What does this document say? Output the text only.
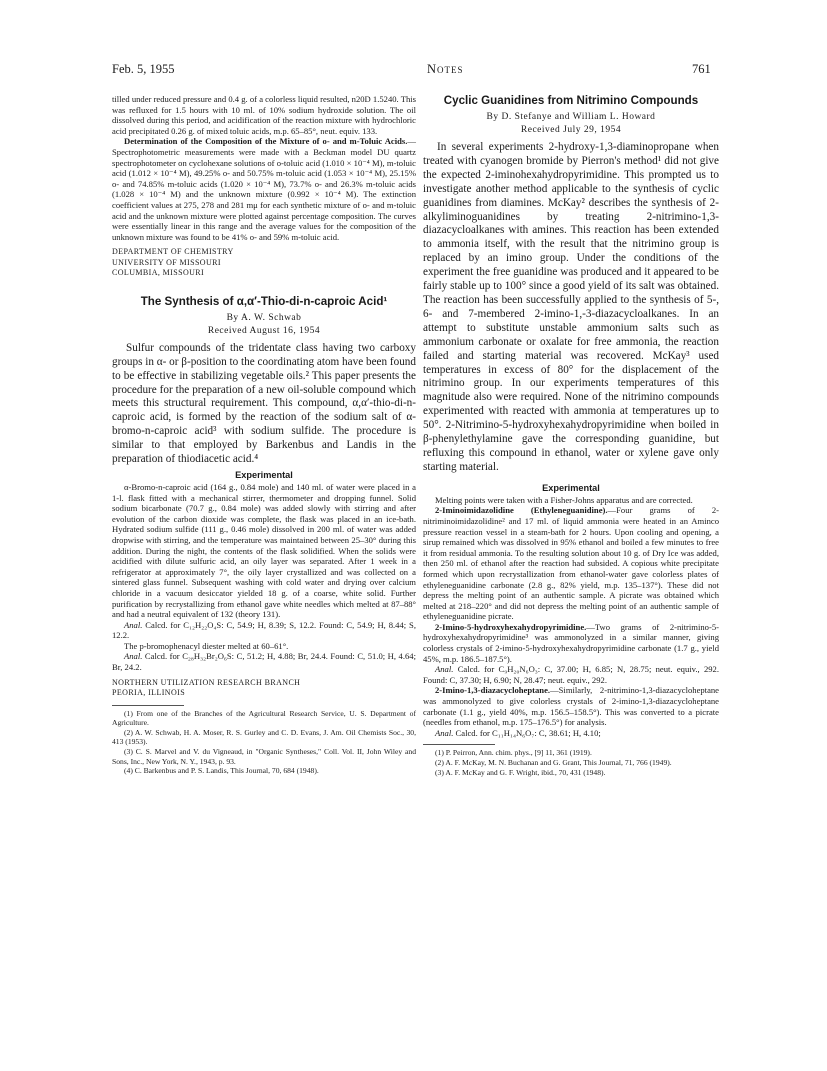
Feb. 5, 1955	Notes	761

tilled under reduced pressure and 0.4 g. of a colorless liquid resulted, n20D 1.5240. This was refluxed for 1.5 hours with 10 ml. of 10% sodium hydroxide solution. The oil dissolved during this period, and acidification of the reaction mixture with hydrochloric acid precipitated 0.26 g. of mixed toluic acids, m.p. 65–85°, neut. equiv. 133.

Determination of the Composition of the Mixture of o- and m-Toluic Acids.—Spectrophotometric measurements were made with a Beckman model DU quartz spectrophotometer on cyclohexane solutions of o-toluic acid (1.010 × 10⁻⁴ M), m-toluic acid (1.012 × 10⁻⁴ M), 49.25% o- and 50.75% m-toluic acid (1.053 × 10⁻⁴ M), 25.15% o- and 74.85% m-toluic acids (1.020 × 10⁻⁴ M), 73.7% o- and 26.3% m-toluic acids (1.028 × 10⁻⁴ M) and the unknown mixture (0.992 × 10⁻⁴ M). The extinction coefficient values at 275, 278 and 281 mμ for each synthetic mixture of o- and m-toluic acid and the unknown mixture were plotted against percentage composition. The curves were essentially linear in this range and the average values for the composition of the unknown mixture was found to be 41% o- and 59% m-toluic acid.

DEPARTMENT OF CHEMISTRY
UNIVERSITY OF MISSOURI
COLUMBIA, MISSOURI

The Synthesis of α,α′-Thio-di-n-caproic Acid¹

By A. W. Schwab
Received August 16, 1954

Sulfur compounds of the tridentate class having two carboxy groups in α- or β-position to the coordinating atom have been found to be effective in stabilizing vegetable oils.² This paper presents the procedure for the preparation of a new oil-soluble compound which meets this structural requirement. This compound, α,α′-thio-di-n-caproic acid, is formed by the reaction of the sodium salt of α-bromo-n-caproic acid³ with sodium sulfide. The procedure is similar to that employed by Barkenbus and Landis in the preparation of thiodiacetic acid.⁴

Experimental

α-Bromo-n-caproic acid (164 g., 0.84 mole) and 140 ml. of water were placed in a 1-l. flask fitted with a mechanical stirrer, thermometer and dropping funnel. Solid sodium bicarbonate (70.7 g., 0.84 mole) was added slowly with stirring and after evolution of the carbon dioxide was complete, the flask was placed in an ice-bath. Hydrated sodium sulfide (111 g., 0.46 mole) dissolved in 200 ml. of water was added dropwise with stirring, and the temperature was maintained between 25–30° during this addition. During the night, the contents of the flask solidified. When the solids were acidified with dilute sulfuric acid, an oily layer was separated. After 1 week in a refrigerator at approximately 7°, the oily layer crystallized and was collected on a sintered glass funnel. Subsequent washing with cold water and drying over calcium chloride in a vacuum desiccator yielded 18 g. of a coarse, white solid. Further purification by recrystallizing from ethanol gave white needles which melted at 87–88° and had a neutral equivalent of 132 (theory 131).

Anal. Calcd. for C₁₂H₂₂O₄S: C, 54.9; H, 8.39; S, 12.2. Found: C, 54.9; H, 8.44; S, 12.2.

The p-bromophenacyl diester melted at 60–61°.

Anal. Calcd. for C₂₈H₃₂Br₂O₆S: C, 51.2; H, 4.88; Br, 24.4. Found: C, 51.0; H, 4.64; Br, 24.2.

NORTHERN UTILIZATION RESEARCH BRANCH
PEORIA, ILLINOIS

(1) From one of the Branches of the Agricultural Research Service, U. S. Department of Agriculture.

(2) A. W. Schwab, H. A. Moser, R. S. Gurley and C. D. Evans, J. Am. Oil Chemists Soc., 30, 413 (1953).

(3) C. S. Marvel and V. du Vigneaud, in "Organic Syntheses," Coll. Vol. II, John Wiley and Sons, Inc., New York, N. Y., 1943, p. 93.

(4) C. Barkenbus and P. S. Landis, This Journal, 70, 684 (1948).

Cyclic Guanidines from Nitrimino Compounds

By D. Stefanye and William L. Howard
Received July 29, 1954

In several experiments 2-hydroxy-1,3-diaminopropane when treated with cyanogen bromide by Pierron's method¹ did not give the expected 2-iminohexahydropyrimidine. This prompted us to investigate another method applicable to the synthesis of cyclic guanidines from diamines. McKay² describes the synthesis of 2-alkyliminoguanidines by treating 2-nitrimino-1,3-diazacycloalkanes with amines. This reaction has been extended to ammonia itself, with the result that the nitrimino group is replaced by an imino group. Under the conditions of the experiment the free guanidine was produced and it appeared to be fairly stable up to 100° since a good yield of its salt was obtained. The reaction has been successfully applied to the synthesis of 5-, 6- and 7-membered 2-imino-1,-3-diazacycloalkanes. In an attempt to substitute unstable ammonium salts such as ammonium carbonate or oxalate for free ammonia, the reaction failed and starting material was recovered. McKay³ used temperatures in excess of 80° for the displacement of the nitrimino group. In our experiments temperatures of this magnitude also were required. None of the nitrimino compounds experimented with reacted with ammonia at temperatures up to 50°. 2-Nitrimino-5-hydroxyhexahydropyrimidine when boiled in β-phenylethylamine gave the corresponding guanidine, but refluxing this compound in ethanol, water or xylene gave only starting material.

Experimental

Melting points were taken with a Fisher-Johns apparatus and are corrected.

2-Iminoimidazolidine (Ethyleneguanidine).—Four grams of 2-nitriminoimidazolidine² and 17 ml. of liquid ammonia were heated in an Aminco pressure reaction vessel in a steam-bath for 2 hours. Upon cooling and opening, a sirup remained which was dissolved in 95% ethanol and boiled a few minutes to free it from residual ammonia. To the resulting solution about 10 g. of Dry Ice was added, then 250 ml. of ethanol after the reaction had subsided. A copious white precipitate formed which upon recrystallization from ethanol-water gave colorless plates of ethyleneguanidine carbonate (2.8 g., 82% yield, m.p. 135–137°). These did not depress the melting point of an authentic sample. A picrate was obtained which melted at 218–220° and did not depress the melting point of an authentic sample of ethyleneguanidine picrate.

2-Imino-5-hydroxyhexahydropyrimidine.—Two grams of 2-nitrimino-5-hydroxyhexahydropyrimidine³ was ammonolyzed in a similar manner, giving colorless crystals of 2-imino-5-hydroxyhexahydropyrimidine carbonate (1.7 g., yield 45%, m.p. 186.5–187.5°).

Anal. Calcd. for C₉H₂₀N₆O₃: C, 37.00; H, 6.85; N, 28.75; neut. equiv., 292. Found: C, 37.30; H, 6.90; N, 28.47; neut. equiv., 292.

2-Imino-1,3-diazacycloheptane.—Similarly, 2-nitrimino-1,3-diazacycloheptane was ammonolyzed to give colorless crystals of 2-imino-1,3-diazacycloheptane carbonate (1.1 g., yield 40%, m.p. 156.5–158.5°). This was converted to a picrate (needles from ethanol, m.p. 175–176.5°) for analysis.

Anal. Calcd. for C₁₁H₁₄N₆O₇: C, 38.61; H, 4.10;

(1) P. Peirron, Ann. chim. phys., [9] 11, 361 (1919).

(2) A. F. McKay, M. N. Buchanan and G. Grant, This Journal, 71, 766 (1949).

(3) A. F. McKay and G. F. Wright, ibid., 70, 431 (1948).
